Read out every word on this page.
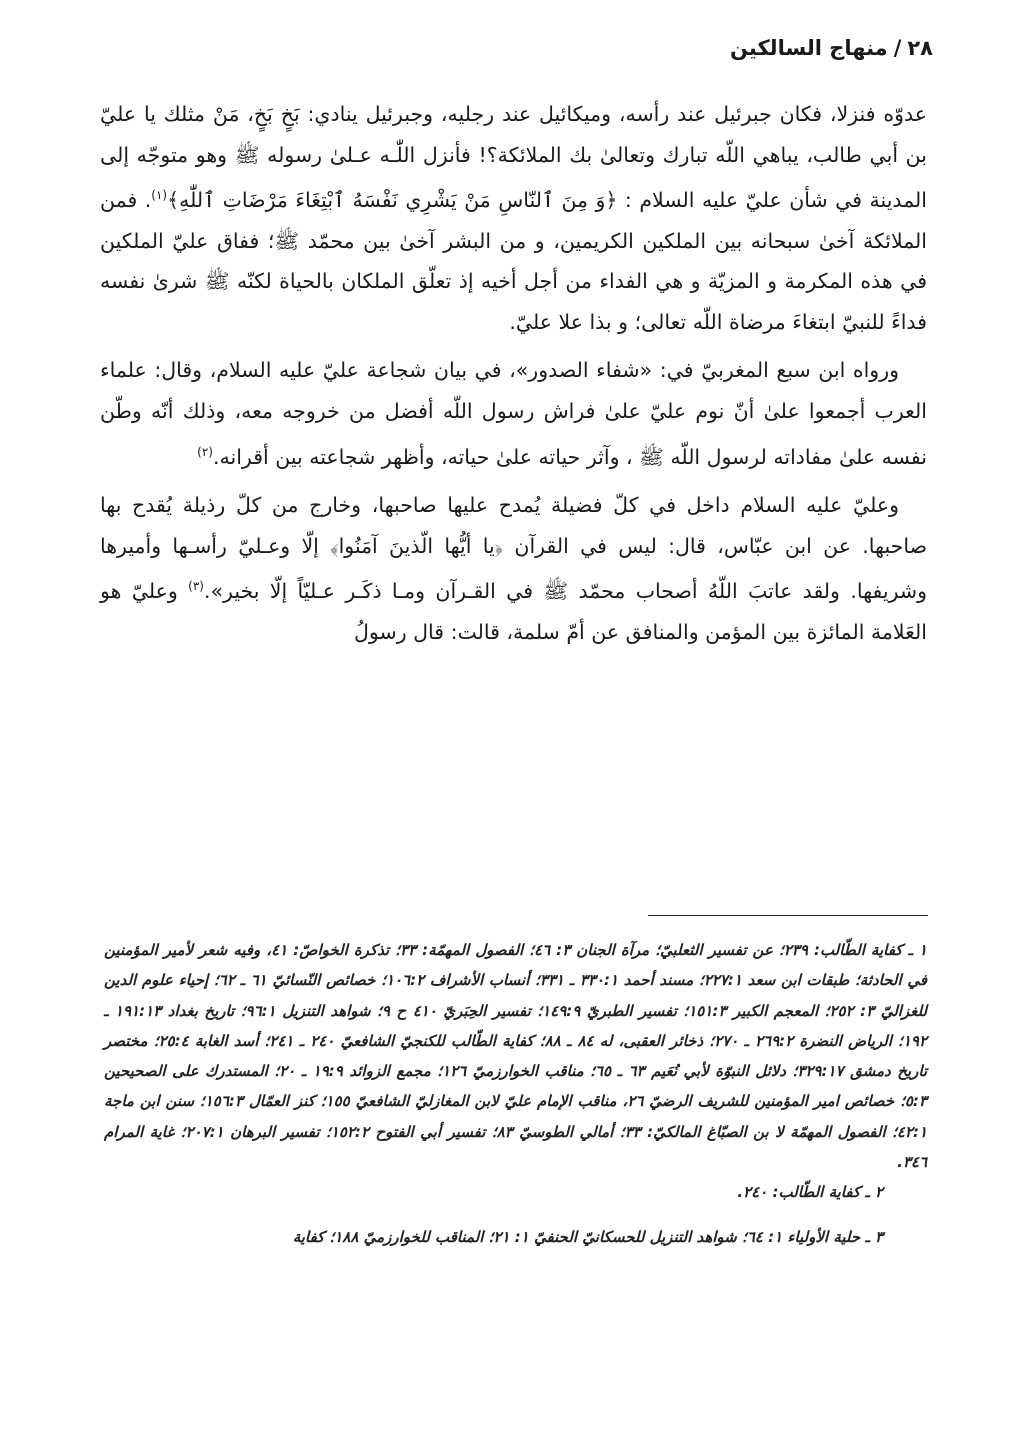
٢٨/منهاج السالكين

عدوّه فنزلا، فكان جبرئيل عند رأسه، وميكائيل عند رجليه، وجبرئيل ينادي: بَخٍ بَخٍ، مَنْ مثلك يا عليّ بن أبي طالب، يباهي اللّه تبارك وتعالىٰ بك الملائكة؟! فأنزل اللّٰـه عـلىٰ رسوله ﷺ وهو متوجّه إلى المدينة في شأن عليّ عليه السلام : ﴿وَ مِنَ ٱلنّاسِ مَنْ يَشْرِي نَفْسَهُ ٱبْتِغَاءَ مَرْضَاتِ ٱللّٰهِ﴾$^{(١)}$. فمن الملائكة آخىٰ سبحانه بين الملكين الكريمين، و من البشر آخىٰ بين محمّد ﷺ؛ ففاق عليّ الملكين في هذه المكرمة و المزيّة و هي الفداء من أجل أخيه إذ تعلّق الملكان بالحياة لكنّه ﷺ شرىٰ نفسه فداءً للنبيّ ابتغاءَ مرضاة اللّه تعالى؛ و بذا علا عليّ.

ورواه ابن سبع المغربيّ في: «شفاء الصدور»، في بيان شجاعة عليّ عليه السلام، وقال: علماء العرب أجمعوا علىٰ أنّ نوم عليّ علىٰ فراش رسول اللّه أفضل من خروجه معه، وذلك أنّه وطّن نفسه علىٰ مفاداته لرسول اللّه ﷺ ، وآثر حياته علىٰ حياته، وأظهر شجاعته بين أقرانه.$^{(٢)}$

وعليّ عليه السلام داخل في كلّ فضيلة يُمدح عليها صاحبها، وخارج من كلّ رذيلة يُقدح بها صاحبها. عن ابن عبّاس، قال: ليس في القرآن ﴿يا أيُّها الّذينَ آمَنُوا﴾ إلّا وعـليّ رأسـها وأميرها وشريفها. ولقد عاتبَ اللّهُ أصحاب محمّد ﷺ في القـرآن ومـا ذكَـر عـليّاً إلّا بخير».$^{(٣)}$ وعليّ هو العَلامة المائزة بين المؤمن والمنافق عن أمّ سلمة، قالت: قال رسولُ

١ ـ كفاية الطّالب: ٢٣٩؛ عن تفسير الثعلبيّ؛ مرآة الجنان ٣: ٤٦؛ الفصول المهمّة: ٣٣؛ تذكرة الخواصّ: ٤١، وفيه شعر لأمير المؤمنين في الحادثة؛ طبقات ابن سعد ٢٢٧:١؛ مسند أحمد ٣٣٠:١ ـ ٣٣١؛ أنساب الأشراف ١٠٦:٢؛ خصائص النّسائيّ ٦١ ـ ٦٢؛ إحياء علوم الدين للغزاليّ ٣: ٢٥٢؛ المعجم الكبير ١٥١:٣؛ تفسير الطبريّ ١٤٩:٩؛ تفسير الحِبَريّ ٤١٠ ح ٩؛ شواهد التنزيل ٩٦:١؛ تاريخ بغداد ١٩١:١٣ ـ ١٩٢؛ الرياض النضرة ٢٦٩:٢ ـ ٢٧٠؛ ذخائر العقبى، له ٨٤ ـ ٨٨؛ كفاية الطّالب للكنجيّ الشافعيّ ٢٤٠ ـ ٢٤١؛ أسد الغابة ٢٥:٤؛ مختصر تاريخ دمشق ٣٢٩:١٧؛ دلائل النبوّة لأبي نُعَيم ٦٣ ـ ٦٥؛ مناقب الخوارزميّ ١٢٦؛ مجمع الزوائد ١٩:٩ ـ ٢٠؛ المستدرك على الصحيحين ٥:٣؛ خصائص امير المؤمنين للشريف الرضيّ ٢٦، مناقب الإمام عليّ لابن المغازليّ الشافعيّ ١٥٥؛ كنز العمّال ١٥٦:٣؛ سنن ابن ماجة ٤٢:١؛ الفصول المهمّة لا بن الصبّاغ المالكيّ: ٣٣؛ أمالي الطوسيّ ٨٣؛ تفسير أبي الفتوح ١٥٢:٢؛ تفسير البرهان ٢٠٧:١؛ غاية المرام ٣٤٦.

٢ ـ كفاية الطّالب: ٢٤٠.

٣ ـ حلية الأولياء ١: ٦٤؛ شواهد التنزيل للحسكانيّ الحنفيّ ١: ٢١؛ المناقب للخوارزميّ ١٨٨؛ كفاية
